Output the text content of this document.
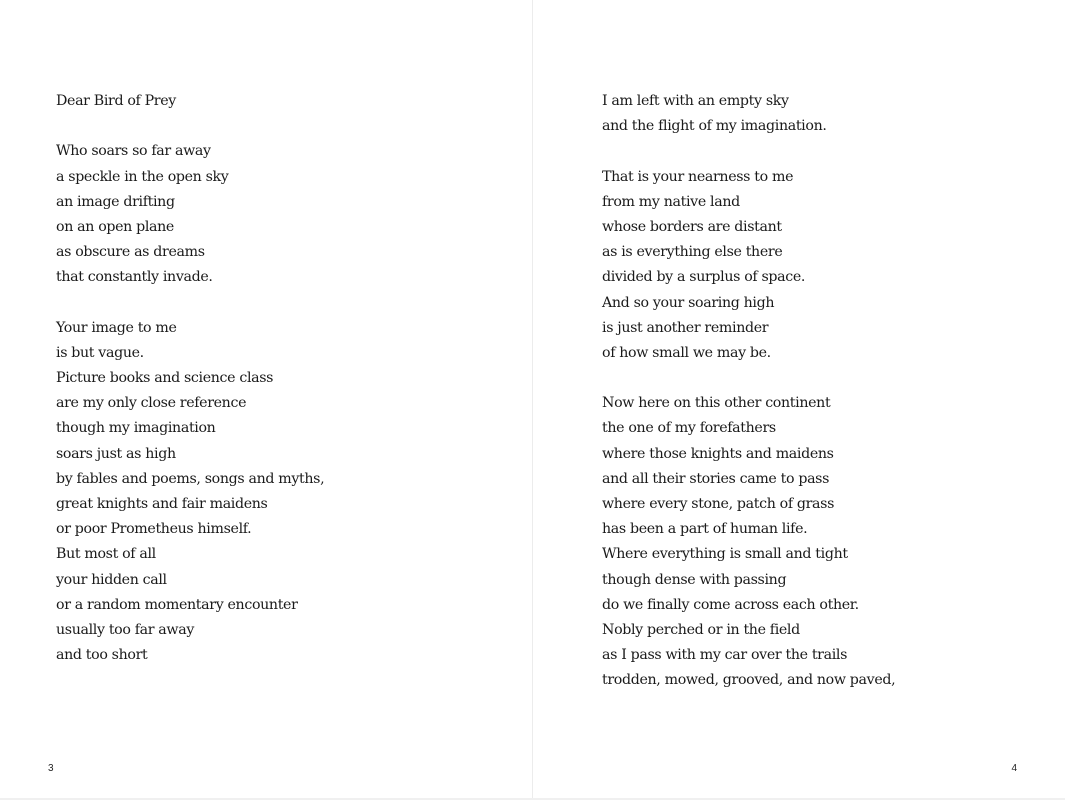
Dear Bird of Prey
Who soars so far away
a speckle in the open sky
an image drifting
on an open plane
as obscure as dreams
that constantly invade.
Your image to me
is but vague.
Picture books and science class
are my only close reference
though my imagination
soars just as high
by fables and poems, songs and myths,
great knights and fair maidens
or poor Prometheus himself.
But most of all
your hidden call
or a random momentary encounter
usually too far away
and too short
3
I am left with an empty sky
and the flight of my imagination.
That is your nearness to me
from my native land
whose borders are distant
as is everything else there
divided by a surplus of space.
And so your soaring high
is just another reminder
of how small we may be.
Now here on this other continent
the one of my forefathers
where those knights and maidens
and all their stories came to pass
where every stone, patch of grass
has been a part of human life.
Where everything is small and tight
though dense with passing
do we finally come across each other.
Nobly perched or in the field
as I pass with my car over the trails
trodden, mowed, grooved, and now paved,
4
